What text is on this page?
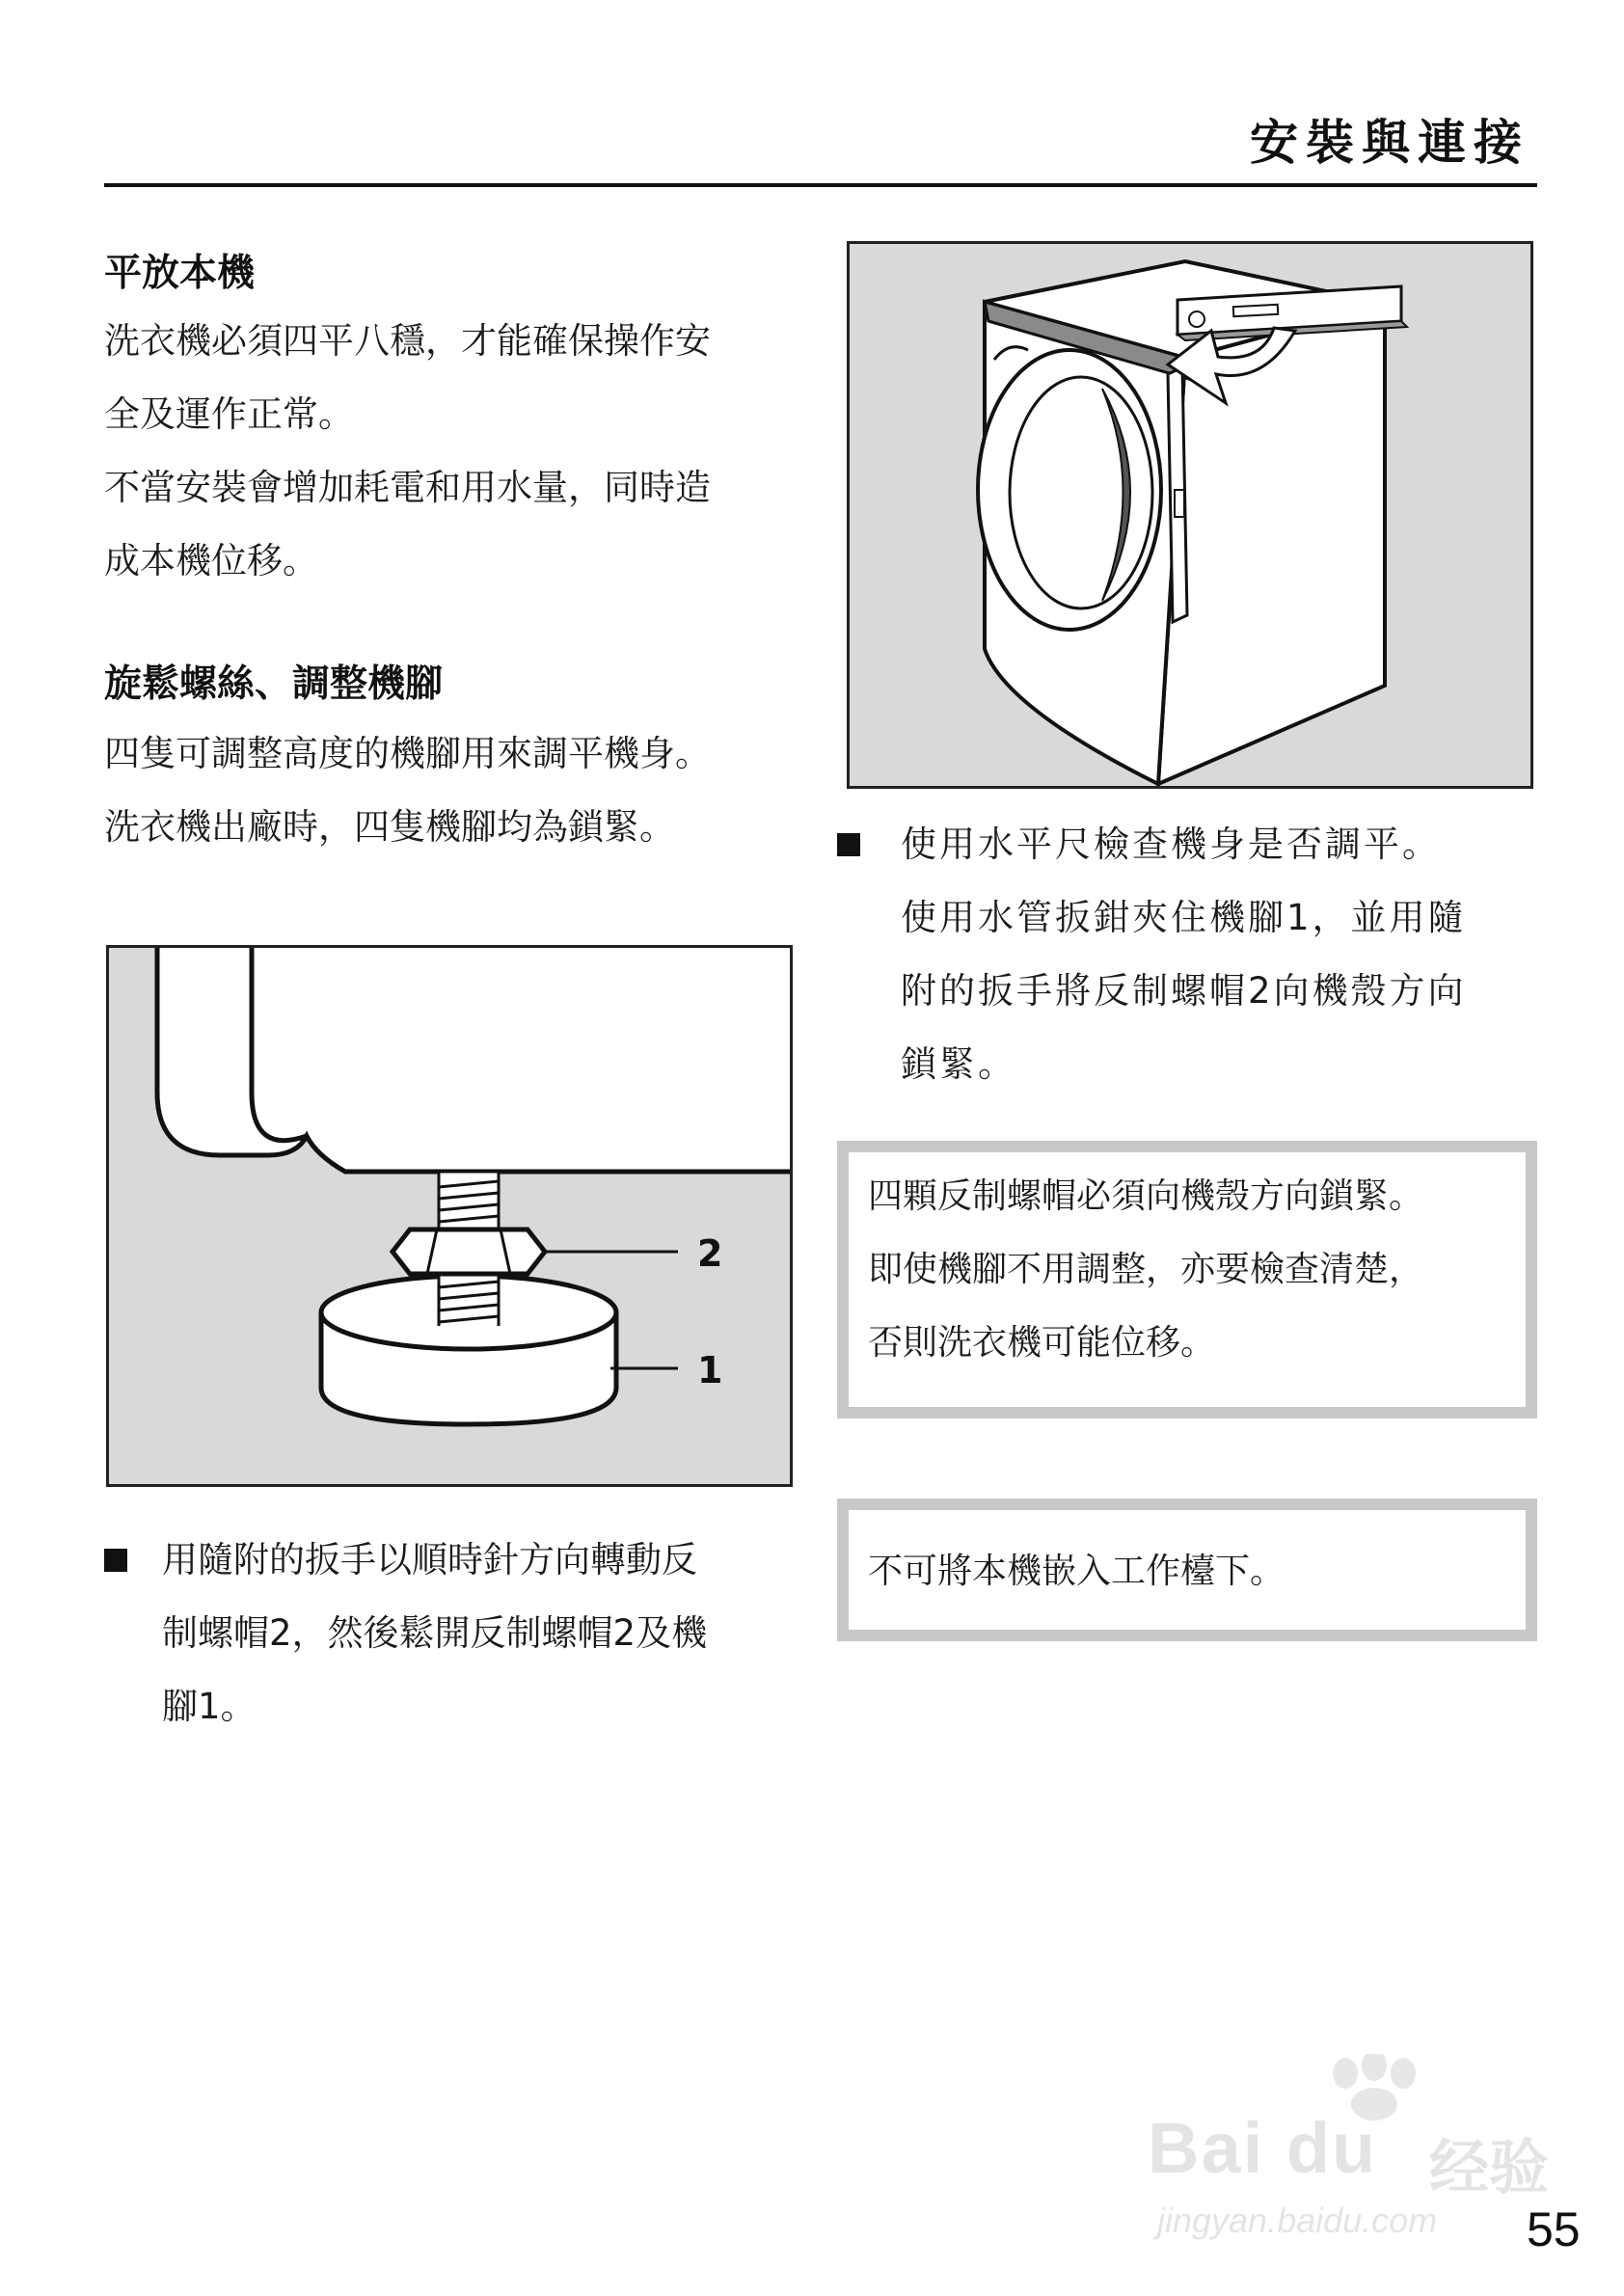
安裝與連接
平放本機

洗衣機必須四平八穩，才能確保操作安

全及運作正常。

不當安裝會增加耗電和用水量，同時造

成本機位移。

旋鬆螺絲、調整機腳

四隻可調整高度的機腳用來調平機身。

洗衣機出廠時，四隻機腳均為鎖緊。

2
1

用隨附的扳手以順時針方向轉動反

制螺帽2，然後鬆開反制螺帽2及機

腳1。

使用水平尺檢查機身是否調平。

使用水管扳鉗夾住機腳1，並用隨

附的扳手將反制螺帽2向機殼方向

鎖緊。

四顆反制螺帽必須向機殼方向鎖緊。

即使機腳不用調整，亦要檢查清楚，

否則洗衣機可能位移。

不可將本機嵌入工作檯下。

Bai du 经验
jingyan.baidu.com 55
